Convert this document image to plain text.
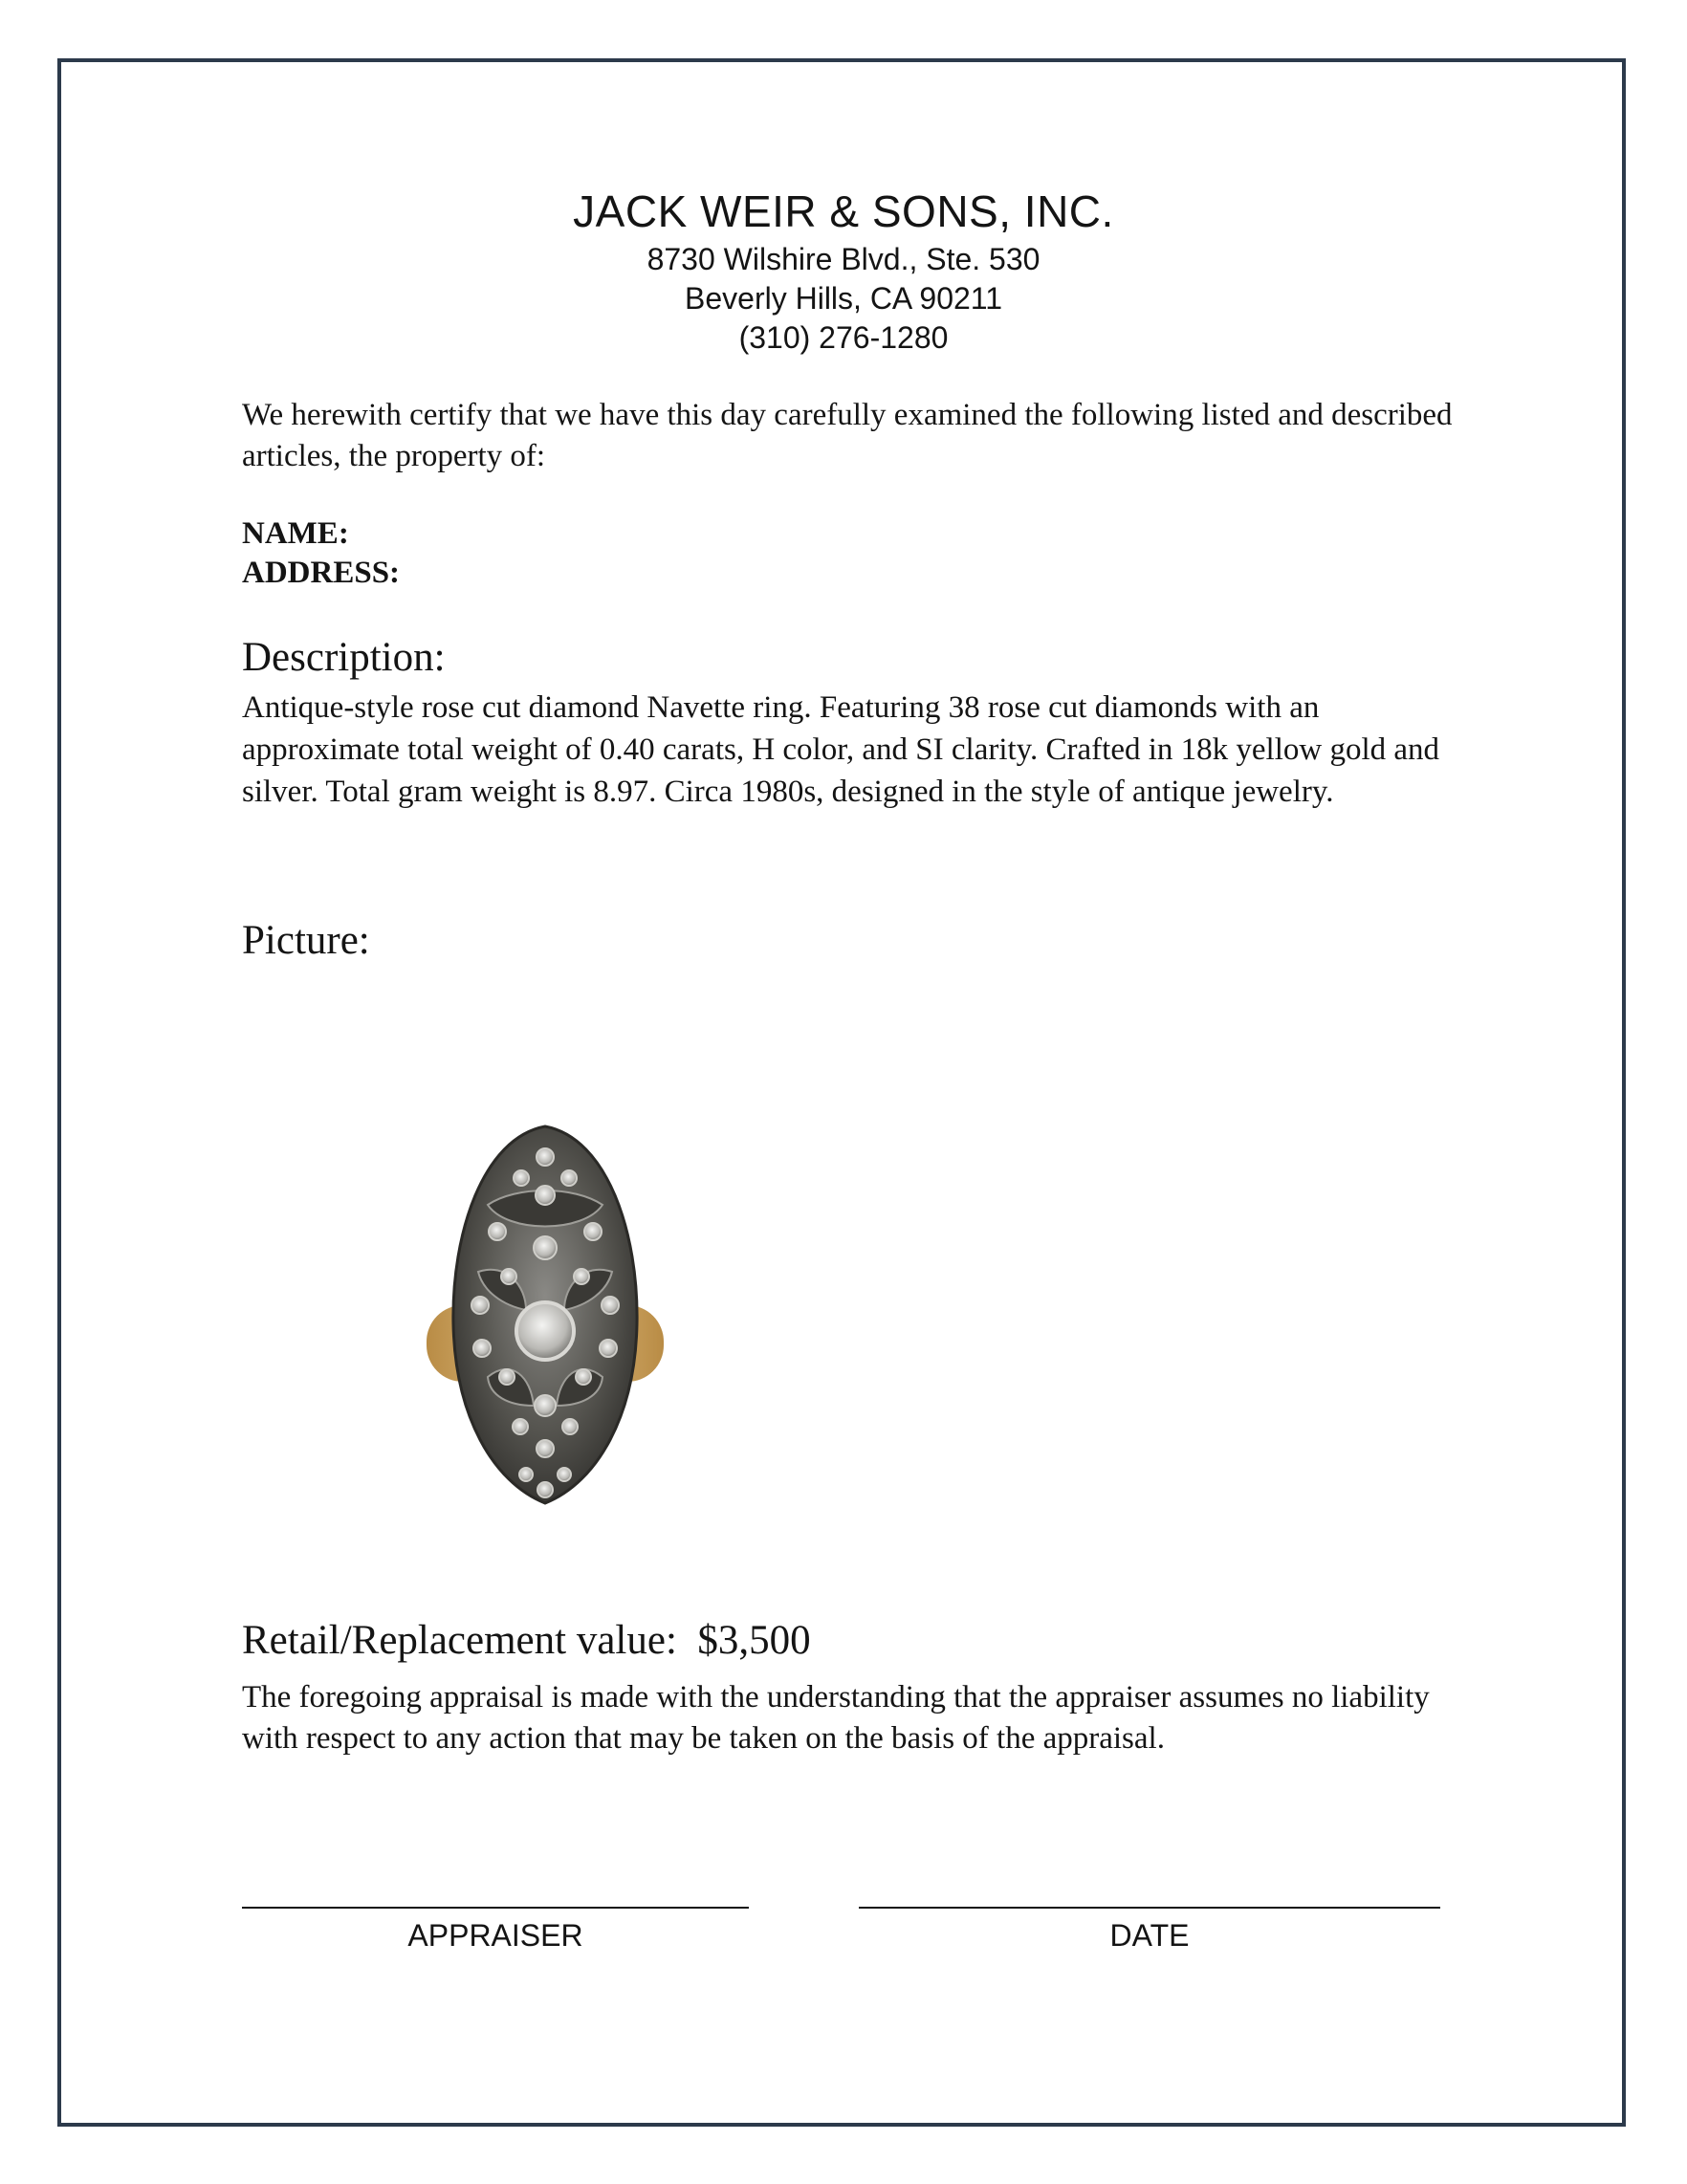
JACK WEIR & SONS, INC.
8730 Wilshire Blvd., Ste. 530
Beverly Hills, CA 90211
(310) 276-1280
We herewith certify that we have this day carefully examined the following listed and described articles, the property of:
NAME:
ADDRESS:
Description:
Antique-style rose cut diamond Navette ring. Featuring 38 rose cut diamonds with an approximate total weight of 0.40 carats, H color, and SI clarity. Crafted in 18k yellow gold and silver. Total gram weight is 8.97. Circa 1980s, designed in the style of antique jewelry.
Picture:
Retail/Replacement value: $3,500
The foregoing appraisal is made with the understanding that the appraiser assumes no liability with respect to any action that may be taken on the basis of the appraisal.
APPRAISER	DATE
